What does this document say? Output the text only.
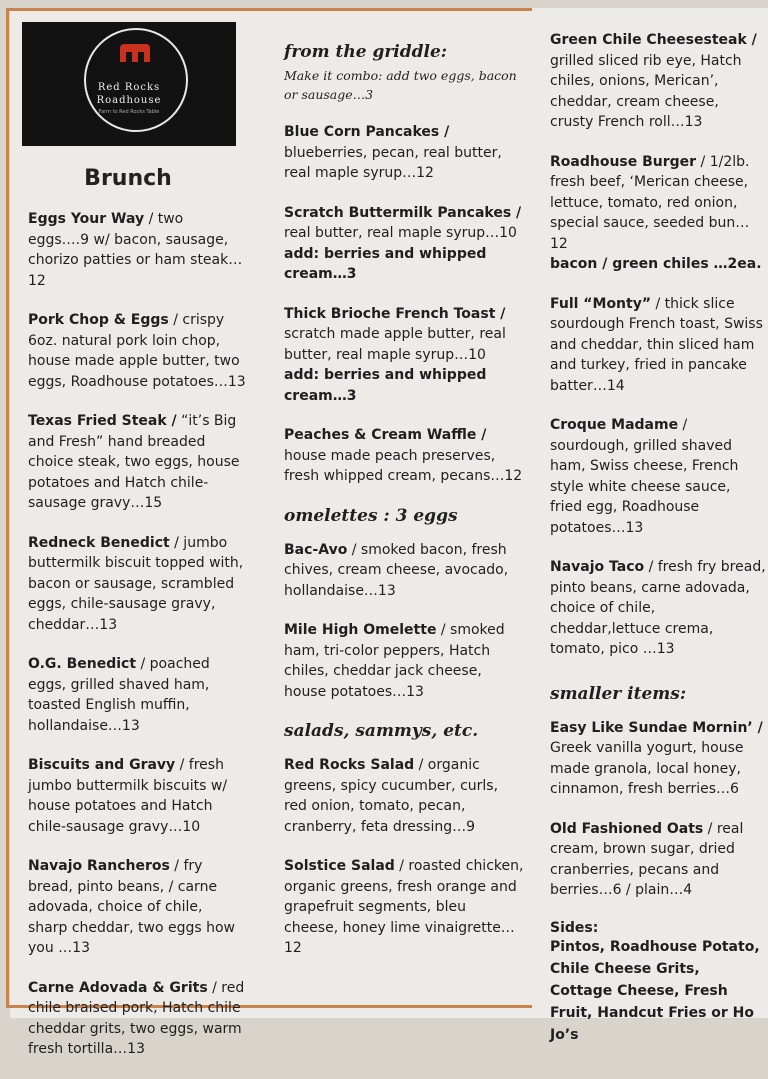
Red Rocks
Roadhouse
Farm to Red Rocks Table
Brunch
Eggs Your Way / two eggs….9 w/ bacon, sausage, chorizo patties or ham steak…12
Pork Chop & Eggs / crispy 6oz. natural pork loin chop, house made apple butter, two eggs, Roadhouse potatoes…13
Texas Fried Steak / “it’s Big and Fresh” hand breaded choice steak, two eggs, house potatoes and Hatch chile-sausage gravy…15
Redneck Benedict / jumbo buttermilk biscuit topped with, bacon or sausage, scrambled eggs, chile-sausage gravy, cheddar…13
O.G. Benedict / poached eggs, grilled shaved ham, toasted English muffin, hollandaise…13
Biscuits and Gravy / fresh jumbo buttermilk biscuits w/ house potatoes and Hatch chile-sausage gravy…10
Navajo Rancheros / fry bread, pinto beans, / carne adovada, choice of chile, sharp cheddar, two eggs how you …13
Carne Adovada & Grits / red chile braised pork, Hatch chile cheddar grits, two eggs, warm fresh tortilla…13
from the griddle:
Make it combo: add two eggs, bacon or sausage…3
Blue Corn Pancakes / blueberries, pecan, real butter, real maple syrup…12
Scratch Buttermilk Pancakes / real butter, real maple syrup…10
add: berries and whipped cream…3
Thick Brioche French Toast / scratch made apple butter, real butter, real maple syrup…10
add: berries and whipped cream…3
Peaches & Cream Waffle / house made peach preserves, fresh whipped cream, pecans…12
omelettes : 3 eggs
Bac-Avo / smoked bacon, fresh chives, cream cheese, avocado, hollandaise…13
Mile High Omelette / smoked ham, tri-color peppers, Hatch chiles, cheddar jack cheese, house potatoes…13
salads, sammys, etc.
Red Rocks Salad / organic greens, spicy cucumber, curls, red onion, tomato, pecan, cranberry, feta dressing…9
Solstice Salad / roasted chicken, organic greens, fresh orange and grapefruit segments, bleu cheese, honey lime vinaigrette…12
Green Chile Cheesesteak / grilled sliced rib eye, Hatch chiles, onions, Merican’, cheddar, cream cheese, crusty French roll…13
Roadhouse Burger / 1/2lb. fresh beef, ‘Merican cheese, lettuce, tomato, red onion, special sauce, seeded bun…12
bacon / green chiles …2ea.
Full “Monty” / thick slice sourdough French toast, Swiss and cheddar, thin sliced ham and turkey, fried in pancake batter…14
Croque Madame / sourdough, grilled shaved ham, Swiss cheese, French style white cheese sauce, fried egg, Roadhouse potatoes…13
Navajo Taco / fresh fry bread, pinto beans, carne adovada, choice of chile, cheddar,lettuce crema, tomato, pico …13
smaller items:
Easy Like Sundae Mornin’ / Greek vanilla yogurt, house made granola, local honey, cinnamon, fresh berries…6
Old Fashioned Oats / real cream, brown sugar, dried cranberries, pecans and berries…6 / plain…4
Sides:
Pintos, Roadhouse Potato, Chile Cheese Grits, Cottage Cheese, Fresh Fruit, Handcut Fries or Ho Jo’s
